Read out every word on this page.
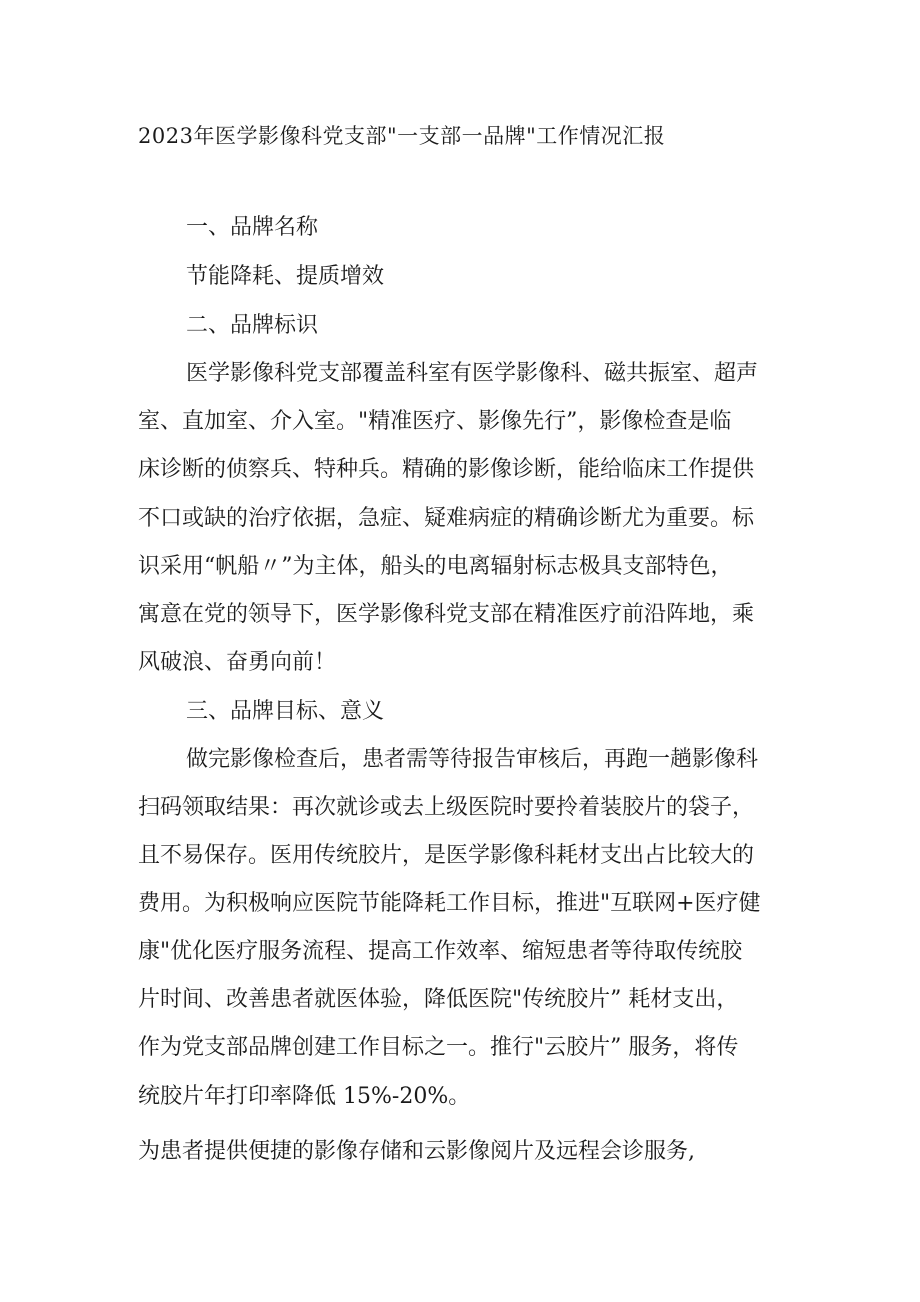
2023年医学影像科党支部"一支部一品牌"工作情况汇报
一、品牌名称
节能降耗、提质增效
二、品牌标识
医学影像科党支部覆盖科室有医学影像科、磁共振室、超声
室、直加室、介入室。"精准医疗、影像先行”，影像检查是临
床诊断的侦察兵、特种兵。精确的影像诊断，能给临床工作提供
不口或缺的治疗依据，急症、疑难病症的精确诊断尤为重要。标
识采用“帆船〃”为主体，船头的电离辐射标志极具支部特色，
寓意在党的领导下，医学影像科党支部在精准医疗前沿阵地，乘
风破浪、奋勇向前！
三、品牌目标、意义
做完影像检查后，患者需等待报告审核后，再跑一趟影像科
扫码领取结果：再次就诊或去上级医院时要拎着装胶片的袋子，
且不易保存。医用传统胶片，是医学影像科耗材支出占比较大的
费用。为积极响应医院节能降耗工作目标，推进"互联网+医疗健
康"优化医疗服务流程、提高工作效率、缩短患者等待取传统胶
片时间、改善患者就医体验，降低医院"传统胶片” 耗材支出，
作为党支部品牌创建工作目标之一。推行"云胶片” 服务，将传
统胶片年打印率降低 15%-20%。
为患者提供便捷的影像存储和云影像阅片及远程会诊服务,
